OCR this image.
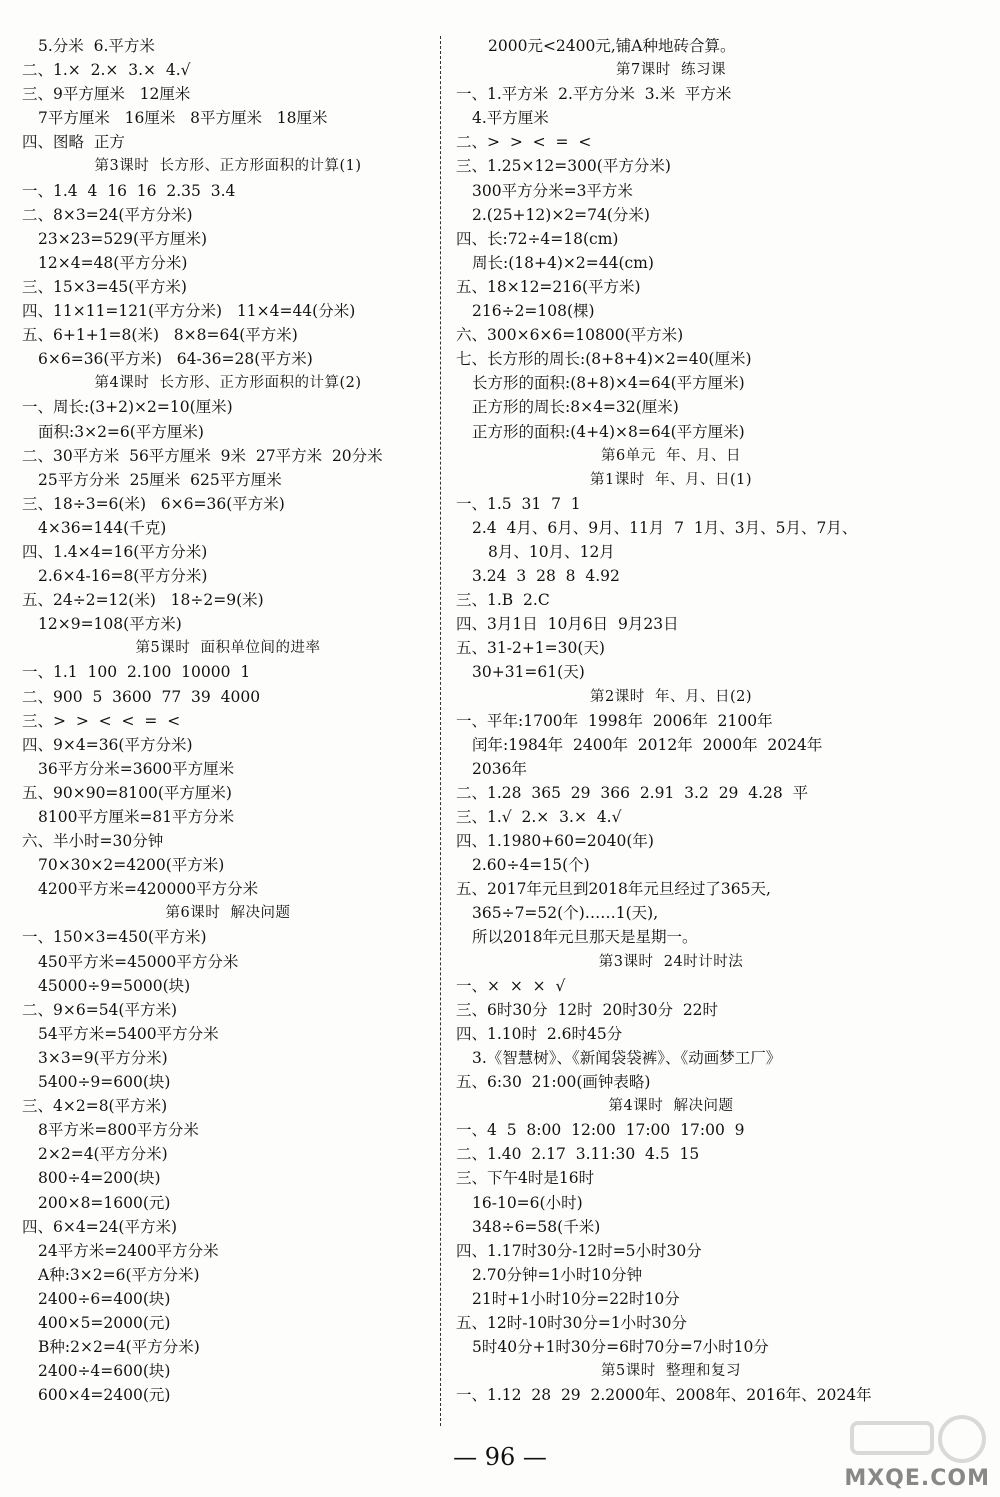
5.分米  6.平方米
二、1.×  2.×  3.×  4.√
三、9平方厘米   12厘米
7平方厘米   16厘米   8平方厘米   18厘米
四、图略  正方
第3课时  长方形、正方形面积的计算(1)
一、1.4  4  16  16  2.35  3.4
二、8×3=24(平方分米)
23×23=529(平方厘米)
12×4=48(平方分米)
三、15×3=45(平方米)
四、11×11=121(平方分米)   11×4=44(分米)
五、6+1+1=8(米)   8×8=64(平方米)
6×6=36(平方米)   64-36=28(平方米)
第4课时  长方形、正方形面积的计算(2)
一、周长:(3+2)×2=10(厘米)
面积:3×2=6(平方厘米)
二、30平方米  56平方厘米  9米  27平方米  20分米
25平方分米  25厘米  625平方厘米
三、18÷3=6(米)   6×6=36(平方米)
4×36=144(千克)
四、1.4×4=16(平方分米)
2.6×4-16=8(平方分米)
五、24÷2=12(米)   18÷2=9(米)
12×9=108(平方米)
第5课时  面积单位间的进率
一、1.1  100  2.100  10000  1
二、900  5  3600  77  39  4000
三、>  >  <  <  =  <
四、9×4=36(平方分米)
36平方分米=3600平方厘米
五、90×90=8100(平方厘米)
8100平方厘米=81平方分米
六、半小时=30分钟
70×30×2=4200(平方米)
4200平方米=420000平方分米
第6课时  解决问题
一、150×3=450(平方米)
450平方米=45000平方分米
45000÷9=5000(块)
二、9×6=54(平方米)
54平方米=5400平方分米
3×3=9(平方分米)
5400÷9=600(块)
三、4×2=8(平方米)
8平方米=800平方分米
2×2=4(平方分米)
800÷4=200(块)
200×8=1600(元)
四、6×4=24(平方米)
24平方米=2400平方分米
A种:3×2=6(平方分米)
2400÷6=400(块)
400×5=2000(元)
B种:2×2=4(平方分米)
2400÷4=600(块)
600×4=2400(元)
2000元<2400元,铺A种地砖合算。
第7课时  练习课
一、1.平方米  2.平方分米  3.米  平方米
4.平方厘米
二、>  >  <  =  <
三、1.25×12=300(平方分米)
300平方分米=3平方米
2.(25+12)×2=74(分米)
四、长:72÷4=18(cm)
周长:(18+4)×2=44(cm)
五、18×12=216(平方米)
216÷2=108(棵)
六、300×6×6=10800(平方米)
七、长方形的周长:(8+8+4)×2=40(厘米)
长方形的面积:(8+8)×4=64(平方厘米)
正方形的周长:8×4=32(厘米)
正方形的面积:(4+4)×8=64(平方厘米)
第6单元  年、月、日
第1课时  年、月、日(1)
一、1.5  31  7  1
2.4  4月、6月、9月、11月  7  1月、3月、5月、7月、
8月、10月、12月
3.24  3  28  8  4.92
三、1.B  2.C
四、3月1日  10月6日  9月23日
五、31-2+1=30(天)
30+31=61(天)
第2课时  年、月、日(2)
一、平年:1700年  1998年  2006年  2100年
闰年:1984年  2400年  2012年  2000年  2024年
2036年
二、1.28  365  29  366  2.91  3.2  29  4.28  平
三、1.√  2.×  3.×  4.√
四、1.1980+60=2040(年)
2.60÷4=15(个)
五、2017年元旦到2018年元旦经过了365天,
365÷7=52(个)……1(天),
所以2018年元旦那天是星期一。
第3课时  24时计时法
一、×  ×  ×  √
三、6时30分  12时  20时30分  22时
四、1.10时  2.6时45分
3.《智慧树》、《新闻袋袋裤》、《动画梦工厂》
五、6:30  21:00(画钟表略)
第4课时  解决问题
一、4  5  8:00  12:00  17:00  17:00  9
二、1.40  2.17  3.11:30  4.5  15
三、下午4时是16时
16-10=6(小时)
348÷6=58(千米)
四、1.17时30分-12时=5小时30分
2.70分钟=1小时10分钟
21时+1小时10分=22时10分
五、12时-10时30分=1小时30分
5时40分+1时30分=6时70分=7小时10分
第5课时  整理和复习
一、1.12  28  29  2.2000年、2008年、2016年、2024年
— 96 —
MXQE.COM
